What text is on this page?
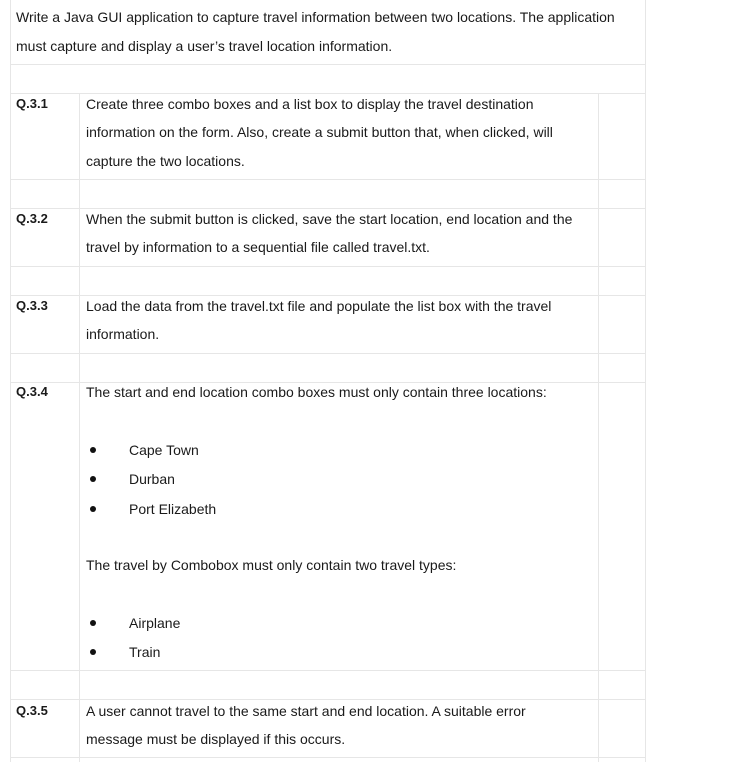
Write a Java GUI application to capture travel information between two locations. The application
must capture and display a user’s travel location information.
Q.3.1	Create three combo boxes and a list box to display the travel destination
information on the form. Also, create a submit button that, when clicked, will
capture the two locations.
Q.3.2	When the submit button is clicked, save the start location, end location and the
travel by information to a sequential file called travel.txt.
Q.3.3	Load the data from the travel.txt file and populate the list box with the travel
information.
Q.3.4	The start and end location combo boxes must only contain three locations:
Cape Town
Durban
Port Elizabeth
The travel by Combobox must only contain two travel types:
Airplane
Train
Q.3.5	A user cannot travel to the same start and end location. A suitable error
message must be displayed if this occurs.
